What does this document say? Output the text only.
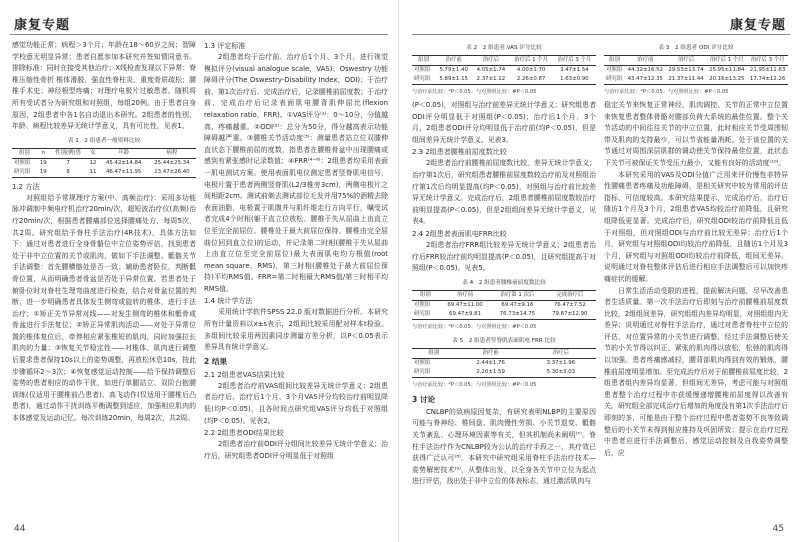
康复专题

感觉功能正常；病程＞3个月；年龄在18～60岁之间；智障学校意无明显异常；患者自愿参加本研究并签知情同意书。排除标准：同时在接受其他治疗；X线检查发现以下异常：脊椎压缩性骨折 椎体滑脱、强直性脊柱炎、重度骨质疏松；腰椎手术史；神经根型疼痛；对理疗电极片过敏患者。随机将所有受试者分为研究组和对照组，每组20例。由于患者自身原因，2组患者中各1名自动退出本研究。2组患者的性别、年龄、病程比较差异无统计学意义，具有可比性，见表1。

表 1　2 组患者一般资料比较
组别	n	性别(例)男	女	年龄	病程
对照组	19	7	12	45.42±14.84	25.44±25.34
研究组	19	8	11	46.47±11.95	23.47±26.40
1.2 方法

对照组给予常规理疗方案(中、高频治疗)：采用多功能脉冲调制中频电疗机治疗20min/次，超短波治疗仪(高频)治疗20min/次，根据患者腰痛部位选择腰痛处方，每周5次，共2周。研究组给予脊柱手法治疗(4R技术)，具体方法如下：通过对患者进行全身骨骼位中立位姿势评估，找到患者处于非中立位置的关节或肌肉，做如下手法调整。骶髂关节手法调整：首先腰横髂处是否一致；辅助患者卧位，判断骶骨位置，从而明确患者骨盆是否处于异常位置。若患者处于俯卧位时对脊柱生理弯曲度进行检查，结合对骨盆位置的判断，进一步明确患者具体发生侧弯或旋转的椎体，进行手法治疗；①矫正关节异常对线——对发生侧弯的椎体和骶骨或骨盆进行手法复位；②矫正异常肌肉活动——对处于异常位置的椎体复位后，牵伸相应紧张椎短的肌肉，同时加强拉长肌肉的力量；③恢复关节稳定性——对椎体、肌肉进行调整后要求患者保持10s以上的姿势调整，再放松休息10s，按此步骤循环2～3次；④恢复感觉运动控制——给予保持调整后姿势的患者相应的动作干扰，如进行单腿站立、双阶台抱腰训练(仅适用于腰椎前凸患者)、高飞动作(仅适用于腰椎后凸患者)，通过动作干扰训练平衡调整到适应，加强相应肌肉的本体感觉及运动记忆。每次训练20min，每周2次，共2周。

1.3 评定标准

2组患者均于治疗前、治疗后1个月、3个月，进行视觉模拟评分(visual analogue scale，VAS)、Oswestry 功能障碍评分(The Oswestry-Disability Index，ODI)；于治疗前、第1次治疗后、完成治疗后，记录腰椎前屈度数；于治疗前、完成治疗后记录表面肌电腰背肌伸屈比(flexion relaxation ratio，FRR)。①VAS评分⁽¹⁾：0～10分，分值越高，疼痛越重。②ODI⁽²⁾：总分为50分，得分越高表示功能障碍越严重。③腰椎关节活动度⁽³⁾：测量患者站立位双膝伸直状态下腰椎前屈的度数，指患者在腰椎骨盆中出现腰痛或感到有紧张感时记录数值；④FRR⁽⁴⁻⁶⁾：2组患者均采用表面一肌电测试方案。使用表面肌电仪测定患者竖脊肌电信号，电极片置于患者两侧竖脊肌(L2/3椎旁3cm)，两侧电极片之间相距2cm。测试前剃去测试部位毛发并用75%的酒精去除表面油脂，电极置于肌腹并与肌纤维走行方向平行，嘱受试者完成4个时相(躯干直立位放松、腰椎于失从屈曲上由直立位至完全前屈位、腰椎处于最大前屈位保持、腰椎由完全屈曲位回到直立位)的运动，并记录第二时相(腰椎于失从屈曲上由直立位至完全前屈位)最大表面肌电均方根值(root mean square，RMS)，第三时相(腰椎处于最大前屈位保持)平均RMS值。FRR=第二时相最大RMS值/第三时相平均RMS值。

1.4 统计学方法

采用统计学软件SPSS 22.0 版对数据进行分析。本研究所有计量资料以x±s表示，2组间比较采用配对样本t检验。多组间比较采用两因素同步测量方差分析，以P＜0.05表示差异具有统计学意义。

2 结果
2.1 2组患者VAS结果比较

2组患者治疗前VAS组间比较差异无统计学意义；2组患者治疗后、治疗后1个月、3个月VAS评分均较治疗前明显降低(均P＜0.05)，且各时间点研究组VAS评分均低于对照组(均P＜0.05)。见表2。

2.2 2组患者ODI结果比较

2组患者治疗前ODI评分组间比较差异无统计学意义；治疗后，研究组患者ODI评分明显低于对照组

44
康复专题
表 2　2 组患者 VAS 评分比较
组别	治疗前	治疗后	治疗后 1 个月	治疗后 3 个月
对照组	5.79±1.40	4.05±1.74	4.00±1.70	3.47±1.54
研究组	5.89±1.15	2.37±1.12	2.26±0.87	1.63±0.90
与治疗前比较：*P＜0.05；与对照组比较：#P＜0.05

(P＜0.05)，对照组与治疗前差异无统计学意义；研究组患者ODI评分明显低于对照组(P＜0.05)；治疗后1个月、3个月，2组患者ODI评分均明显低于治疗前(均P＜0.05)，但是组间差异无统计学意义。见表3。

2.3 2组患者腰椎前屈度数比较

2组患者治疗前腰椎前屈度数比较，差异无统计学意义；治疗第1次后，研究组患者腰椎前屈度数较治疗前及对照组治疗第1次后均明显提高(均P＜0.05)，对照组与治疗前比较差异无统计学意义。完成治疗后，2组患者腰椎前屈度数较治疗前明显提高(P＜0.05)，但是2组组间差异无统计学意义，见表4。

2.4 2组患者表面肌电FRR比较

2组患者治疗FRR组比较差异无统计学意义；2组患者治疗后FRR较治疗前均明显提高(P＜0.05)，且研究组提高于对照组(P＜0.05)。见表5。

表 4　2 组患者腰椎前屈度数比较
组别	治疗前	治疗第 1 次后	完成治疗后
对照组	69.47±11.00	69.47±9.16	76.47±7.52
研究组	69.47±9.81	76.73±14.75	79.87±12.90
与治疗前比较：*P＜0.05；与对照组比较：#P＜0.05
表 5　2 组患者竖脊肌表面肌电 FRR 比较
组别	治疗前	治疗后
对照组	2.44±1.76	3.37±1.96
研究组	2.20±1.59	5.30±3.03
与治疗前比较：*P＜0.05；与对照组比较：#P＜0.05
3 讨论

CNLBP的致病原因复杂，有研究表明NLBP的主要原因可能与脊神经、椎间盘、肌肉慢性劳损、小关节退变、骶髂关节紊乱、心理环境因素等有关，但其机制尚未阐明⁽⁷⁾。脊柱手法治疗作为CNLBP较为公认的治疗手段之一，其疗效已获得广泛认可⁽⁸⁾。本研究中研究组采用脊柱手法治疗技术—姿势解密技术⁽⁹⁾，从整体出发，以全身各关节中立位为起点进行评估，找出处于非中立位的体表标志，通过激活肌肉与

表 3　2 组患者 ODI 评分比较
组别	治疗前	治疗后	治疗后 1 个月	治疗后 3 个月
对照组	44.32±16.52	29.53±13.74	25.95±11.84	21.95±11.63
研究组	43.47±12.35	21.37±11.44	20.16±13.25	17.74±12.26
与治疗前比较：*P＜0.05；与对照组比较：#P＜0.05

稳定关节来恢复正常神经、肌肉调控、关节的正常中立位置来恢复患者整体骨骼对腰部负荷大系统的最佳位置。整个关节活动的中间往往关节的中立位置，此时相应关节受周围韧带及肌肉的支持最少，可以节省能量消耗。处于该位置的关节通过对周围深层肌群的调动使关节保持最佳位置，此状态下关节可被保证关节受压力最小，又能有良好的活动度⁽¹⁰⁾。

本研究采用的VAS及ODI分值广泛用来评价慢性非特异性腰痛患者疼痛及功能障碍，是相关研究中较为常用的评估指标，可信度较高。本研究结果提示，完成治疗后，治疗后随访1个月及3个月，2组患者VAS均较治疗前降低，且研究组降低更显著。完成治疗后，研究组ODI较治疗前降低且低于对照组，但对照组ODI与治疗前比较无差异；治疗后1个月，研究组与对照组ODI均较治疗前降低，且随访1个月及3个月，研究组与对照组ODI均较治疗前降低，组间无差异。说明通过对脊柱整体评估后进行相应手法调整后可以加快疼痛症状的缓解。

日常生活活动受限的进程，提前解决问题，尽早改善患者生活质量。第一次手法治疗后即刻与治疗前腰椎前屈度数比较，2组组间差异，研究组组内差异均明显，对照组组内无差异；说明通过对脊柱手法治疗，通过对患者脊柱中立位的评估，对位置异常的小关节进行调整，经过手法调整后使关节的小关节得以纠正，紧张的肌肉得以放松，松弛的肌肉得以加强。患者疼痛感减轻，腰背部肌肉得到有效的锻炼，腰椎前屈度明显增加。至完成治疗后对于前腰椎前屈度比较，2组患者组内差异均显著，但组间无差异，考虑可能与对照组患者整个治疗过程中亦获缓慢递增腰椎前屈度得以改善有关。研究组全部完成治疗后增加的角度没有第1次手法治疗后即刻的多，可能是由于整个治疗过程中患者姿势不良等致调整后的小关节未得到相应推持及巩固所致；提示在治疗过程中患者应进行手法调整后，感觉运动控制及自我姿势调整后，应

45
